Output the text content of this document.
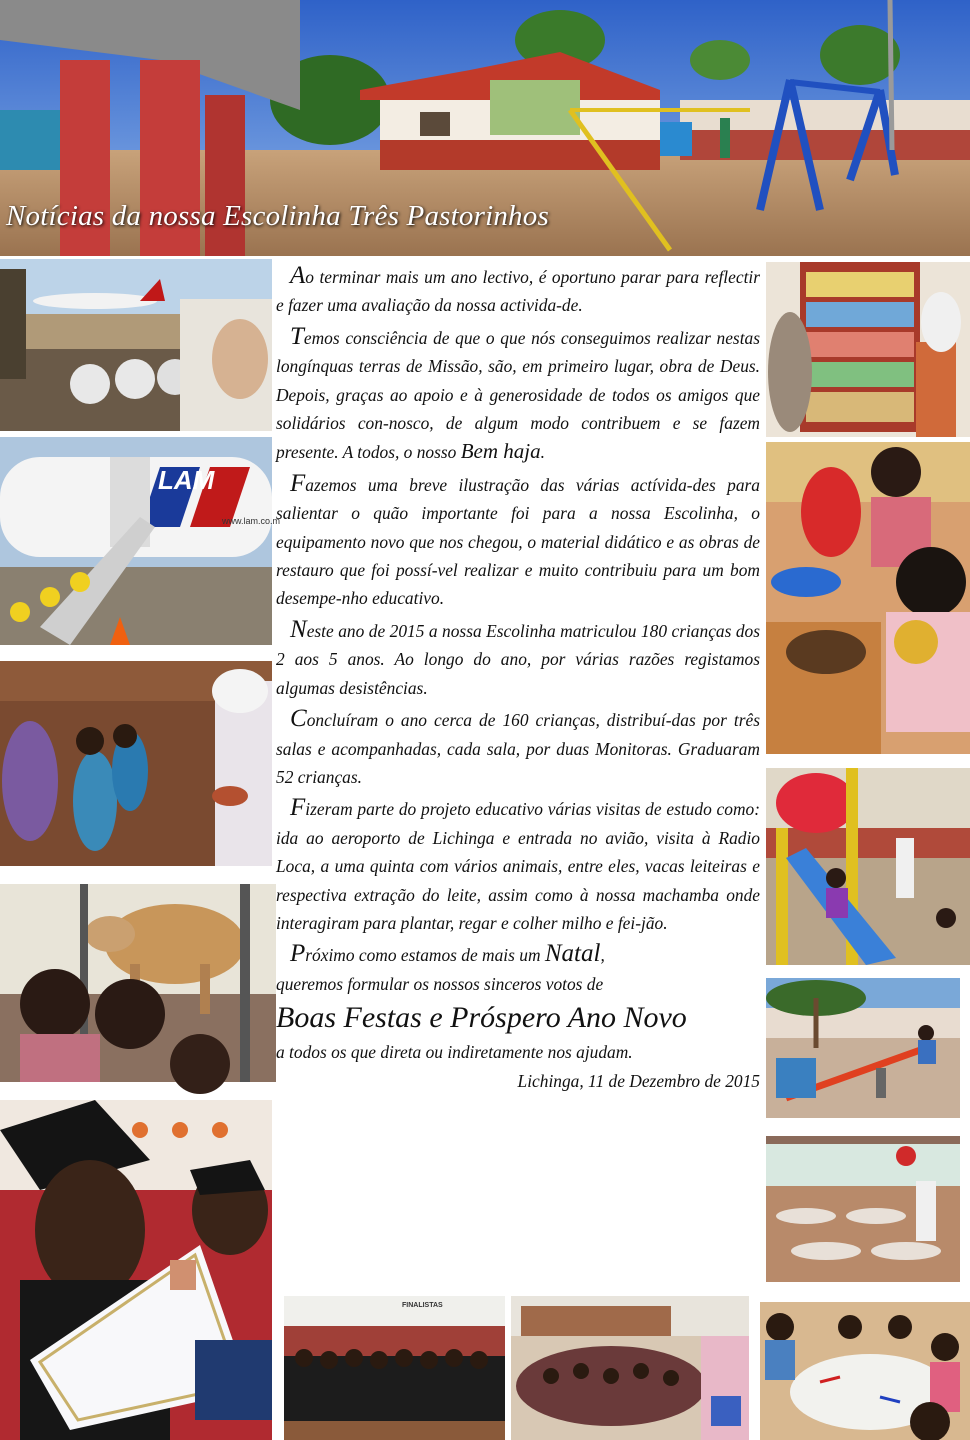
Notícias da nossa Escolinha Três Pastorinhos
LAM
www.lam.co.m
FINALISTAS

Ao terminar mais um ano lectivo, é oportuno parar para reflectir e fazer uma avaliação da nossa activida-de.

Temos consciência de que o que nós conseguimos realizar nestas longínquas terras de Missão, são, em primeiro lugar, obra de Deus. Depois, graças ao apoio e à generosidade de todos os amigos que solidários con-nosco, de algum modo contribuem e se fazem presente. A todos, o nosso Bem haja.

Fazemos uma breve ilustração das várias actívida-des para salientar o quão importante foi para a nossa Escolinha, o equipamento novo que nos chegou, o material didático e as obras de restauro que foi possí-vel realizar e muito contribuiu para um bom desempe-nho educativo.

Neste ano de 2015 a nossa Escolinha matriculou 180 crianças dos 2 aos 5 anos. Ao longo do ano, por várias razões registamos algumas desistências.

Concluíram o ano cerca de 160 crianças, distribuí-das por três salas e acompanhadas, cada sala, por duas Monitoras. Graduaram 52 crianças.

Fizeram parte do projeto educativo várias visitas de estudo como: ida ao aeroporto de Lichinga e entrada no avião, visita à Radio Loca, a uma quinta com vários animais, entre eles, vacas leiteiras e respectiva extração do leite, assim como à nossa machamba onde interagiram para plantar, regar e colher milho e fei-jão.

Próximo como estamos de mais um Natal,

queremos formular os nossos sinceros votos de

Boas Festas e Próspero Ano Novo

a todos os que direta ou indiretamente nos ajudam.

Lichinga, 11 de Dezembro de 2015
